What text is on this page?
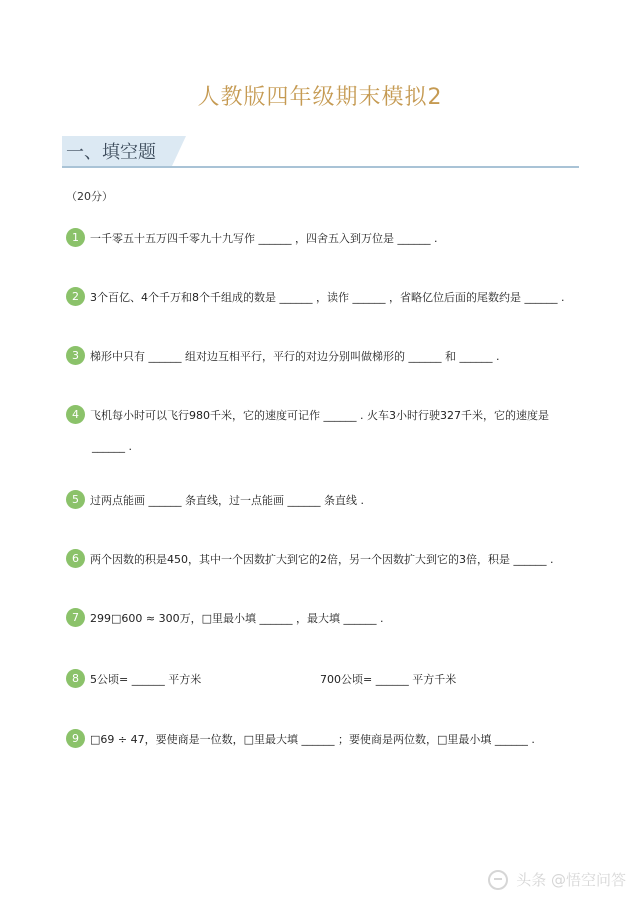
人教版四年级期末模拟2
一、填空题
（20分）
1	一千零五十五万四千零九十九写作 ______ ，四舍五入到万位是 ______ .
2	3个百亿、4个千万和8个千组成的数是 ______ ，读作 ______ ，省略亿位后面的尾数约是 ______ .
3	梯形中只有 ______ 组对边互相平行，平行的对边分别叫做梯形的 ______ 和 ______ .
4	飞机每小时可以飞行980千米，它的速度可记作 ______ . 火车3小时行驶327千米，它的速度是
______ .
5	过两点能画 ______ 条直线，过一点能画 ______ 条直线 .
6	两个因数的积是450，其中一个因数扩大到它的2倍，另一个因数扩大到它的3倍，积是 ______ .
7	299□600 ≈ 300万，□里最小填 ______ ，最大填 ______ .
8	5公顷= ______ 平方米	700公顷= ______ 平方千米
9	□69 ÷ 47，要使商是一位数，□里最大填 ______ ；要使商是两位数，□里最小填 ______ .
头条 @悟空问答
